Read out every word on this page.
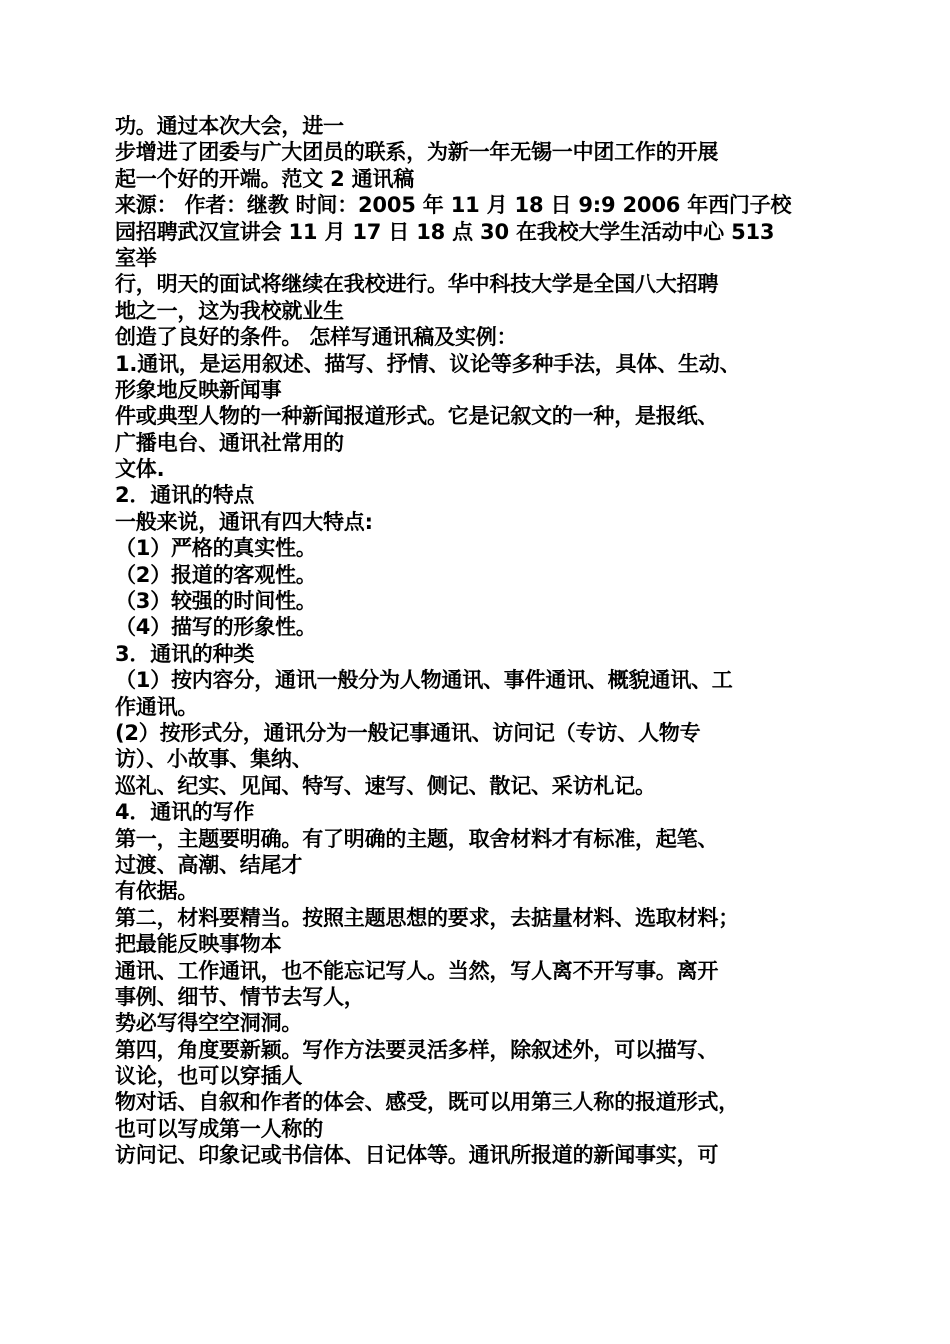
功。通过本次大会，进一
步增进了团委与广大团员的联系，为新一年无锡一中团工作的开展
起一个好的开端。范文 2 通讯稿
来源： 作者：继教 时间：2005 年 11 月 18 日 9:9 2006 年西门子校
园招聘武汉宣讲会 11 月 17 日 18 点 30 在我校大学生活动中心 513
室举
行，明天的面试将继续在我校进行。华中科技大学是全国八大招聘
地之一，这为我校就业生
创造了良好的条件。 怎样写通讯稿及实例：
1.通讯，是运用叙述、描写、抒情、议论等多种手法，具体、生动、
形象地反映新闻事
件或典型人物的一种新闻报道形式。它是记叙文的一种，是报纸、
广播电台、通讯社常用的
文体.
2．通讯的特点
一般来说，通讯有四大特点:
（1）严格的真实性。
（2）报道的客观性。
（3）较强的时间性。
（4）描写的形象性。
3．通讯的种类
（1）按内容分，通讯一般分为人物通讯、事件通讯、概貌通讯、工
作通讯。
(2）按形式分，通讯分为一般记事通讯、访问记（专访、人物专
访）、小故事、集纳、
巡礼、纪实、见闻、特写、速写、侧记、散记、采访札记。
4．通讯的写作
第一，主题要明确。有了明确的主题，取舍材料才有标准，起笔、
过渡、高潮、结尾才
有依据。
第二，材料要精当。按照主题思想的要求，去掂量材料、选取材料；
把最能反映事物本
通讯、工作通讯，也不能忘记写人。当然，写人离不开写事。离开
事例、细节、情节去写人，
势必写得空空洞洞。
第四，角度要新颖。写作方法要灵活多样，除叙述外，可以描写、
议论，也可以穿插人
物对话、自叙和作者的体会、感受，既可以用第三人称的报道形式，
也可以写成第一人称的
访问记、印象记或书信体、日记体等。通讯所报道的新闻事实，可
